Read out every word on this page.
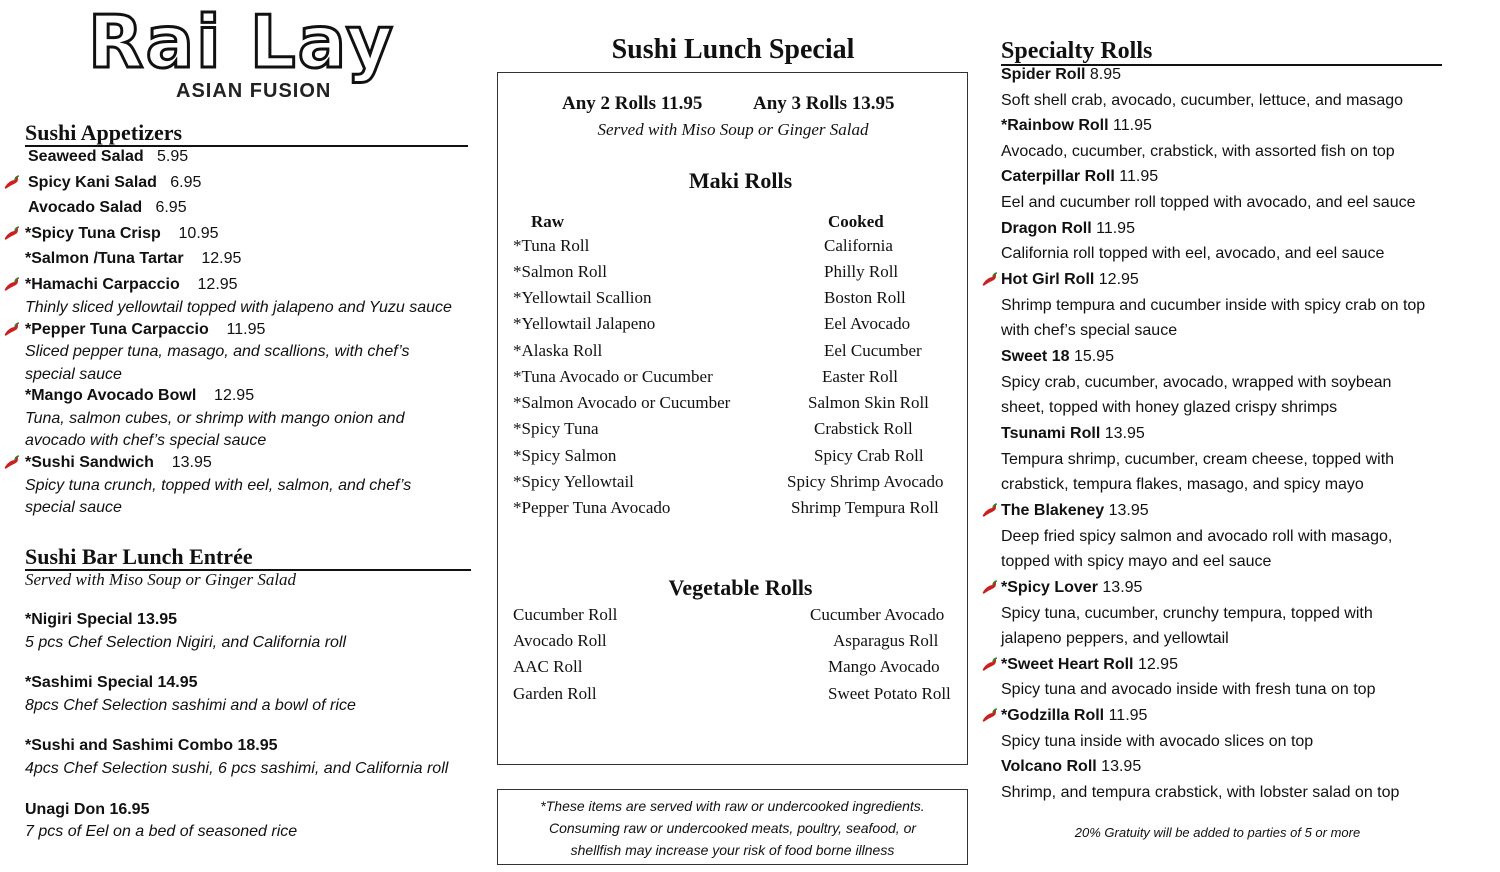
Rai Lay
ASIAN FUSION
Sushi Appetizers
Seaweed Salad 5.95
Spicy Kani Salad 6.95
Avocado Salad 6.95
*Spicy Tuna Crisp 10.95
*Salmon /Tuna Tartar 12.95
*Hamachi Carpaccio 12.95
Thinly sliced yellowtail topped with jalapeno and Yuzu sauce
*Pepper Tuna Carpaccio 11.95
Sliced pepper tuna, masago, and scallions, with chef’s
special sauce
*Mango Avocado Bowl 12.95
Tuna, salmon cubes, or shrimp with mango onion and
avocado with chef’s special sauce
*Sushi Sandwich 13.95
Spicy tuna crunch, topped with eel, salmon, and chef’s
special sauce
Sushi Bar Lunch Entrée
Served with Miso Soup or Ginger Salad
*Nigiri Special 13.95
5 pcs Chef Selection Nigiri, and California roll
*Sashimi Special 14.95
8pcs Chef Selection sashimi and a bowl of rice
*Sushi and Sashimi Combo 18.95
4pcs Chef Selection sushi, 6 pcs sashimi, and California roll
Unagi Don 16.95
7 pcs of Eel on a bed of seasoned rice
Sushi Lunch Special
Any 2 Rolls 11.95	Any 3 Rolls 13.95
Served with Miso Soup or Ginger Salad
Maki Rolls
Raw	Cooked
*Tuna Roll
*Salmon Roll
*Yellowtail Scallion
*Yellowtail Jalapeno
*Alaska Roll
*Tuna Avocado or Cucumber
*Salmon Avocado or Cucumber
*Spicy Tuna
*Spicy Salmon
*Spicy Yellowtail
*Pepper Tuna Avocado
California
Philly Roll
Boston Roll
Eel Avocado
Eel Cucumber
Easter Roll
Salmon Skin Roll
Crabstick Roll
Spicy Crab Roll
Spicy Shrimp Avocado
Shrimp Tempura Roll
Vegetable Rolls
Cucumber Roll
Avocado Roll
AAC Roll
Garden Roll
Cucumber Avocado
Asparagus Roll
Mango Avocado
Sweet Potato Roll
*These items are served with raw or undercooked ingredients.
Consuming raw or undercooked meats, poultry, seafood, or
shellfish may increase your risk of food borne illness
Specialty Rolls
Spider Roll 8.95
Soft shell crab, avocado, cucumber, lettuce, and masago
*Rainbow Roll 11.95
Avocado, cucumber, crabstick, with assorted fish on top
Caterpillar Roll 11.95
Eel and cucumber roll topped with avocado, and eel sauce
Dragon Roll 11.95
California roll topped with eel, avocado, and eel sauce
Hot Girl Roll 12.95
Shrimp tempura and cucumber inside with spicy crab on top
with chef’s special sauce
Sweet 18 15.95
Spicy crab, cucumber, avocado, wrapped with soybean
sheet, topped with honey glazed crispy shrimps
Tsunami Roll 13.95
Tempura shrimp, cucumber, cream cheese, topped with
crabstick, tempura flakes, masago, and spicy mayo
The Blakeney 13.95
Deep fried spicy salmon and avocado roll with masago,
topped with spicy mayo and eel sauce
*Spicy Lover 13.95
Spicy tuna, cucumber, crunchy tempura, topped with
jalapeno peppers, and yellowtail
*Sweet Heart Roll 12.95
Spicy tuna and avocado inside with fresh tuna on top
*Godzilla Roll 11.95
Spicy tuna inside with avocado slices on top
Volcano Roll 13.95
Shrimp, and tempura crabstick, with lobster salad on top
20% Gratuity will be added to parties of 5 or more
